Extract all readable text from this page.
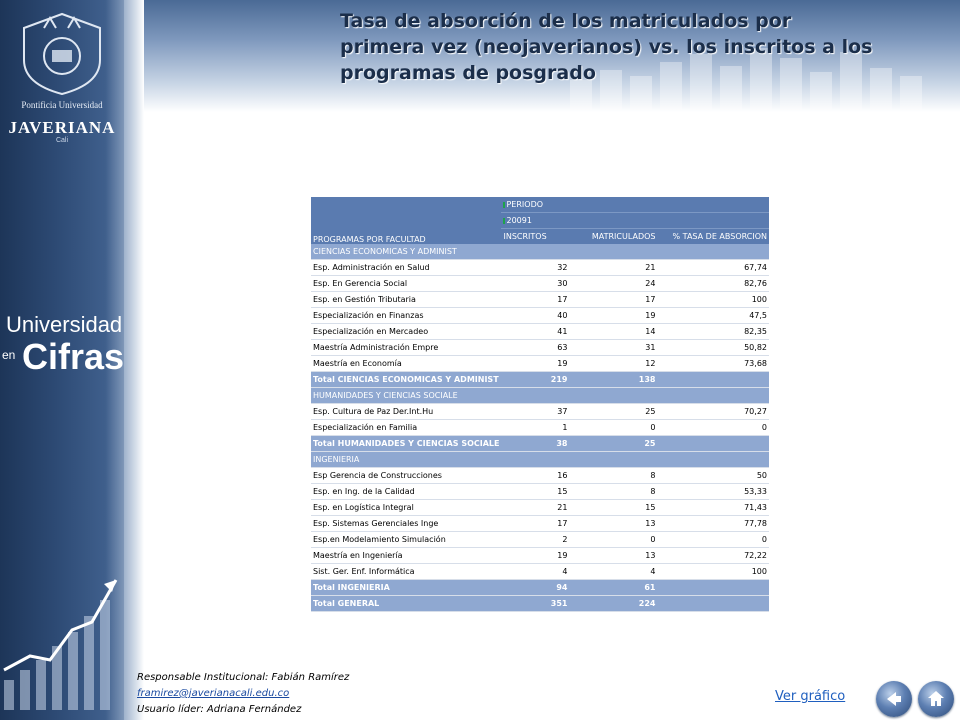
Pontificia Universidad
JAVERIANA
Cali
Universidad
en Cifras
Tasa de absorción de los matriculados por primera vez (neojaverianos) vs. los inscritos a los programas de posgrado
PROGRAMAS POR FACULTAD	PERIODO		
	20091		
	INSCRITOS	MATRICULADOS	% TASA DE ABSORCION
CIENCIAS ECONOMICAS Y ADMINIST			
Esp. Administración en Salud	32	21	67,74
Esp. En Gerencia Social	30	24	82,76
Esp. en Gestión Tributaria	17	17	100
Especialización en Finanzas	40	19	47,5
Especialización en Mercadeo	41	14	82,35
Maestría Administración Empre	63	31	50,82
Maestría en Economía	19	12	73,68
Total CIENCIAS ECONOMICAS Y ADMINIST	219	138	
HUMANIDADES Y CIENCIAS SOCIALE			
Esp. Cultura de Paz Der.Int.Hu	37	25	70,27
Especialización en Familia	1	0	0
Total HUMANIDADES Y CIENCIAS SOCIALE	38	25	
INGENIERIA			
Esp Gerencia de Construcciones	16	8	50
Esp. en Ing. de la Calidad	15	8	53,33
Esp. en Logística Integral	21	15	71,43
Esp. Sistemas Gerenciales Inge	17	13	77,78
Esp.en Modelamiento Simulación	2	0	0
Maestría en Ingeniería	19	13	72,22
Sist. Ger. Enf. Informática	4	4	100
Total INGENIERIA	94	61	
Total GENERAL	351	224	
Responsable Institucional: Fabián Ramírez
framirez@javerianacali.edu.co
Usuario líder: Adriana Fernández
Ver gráfico
